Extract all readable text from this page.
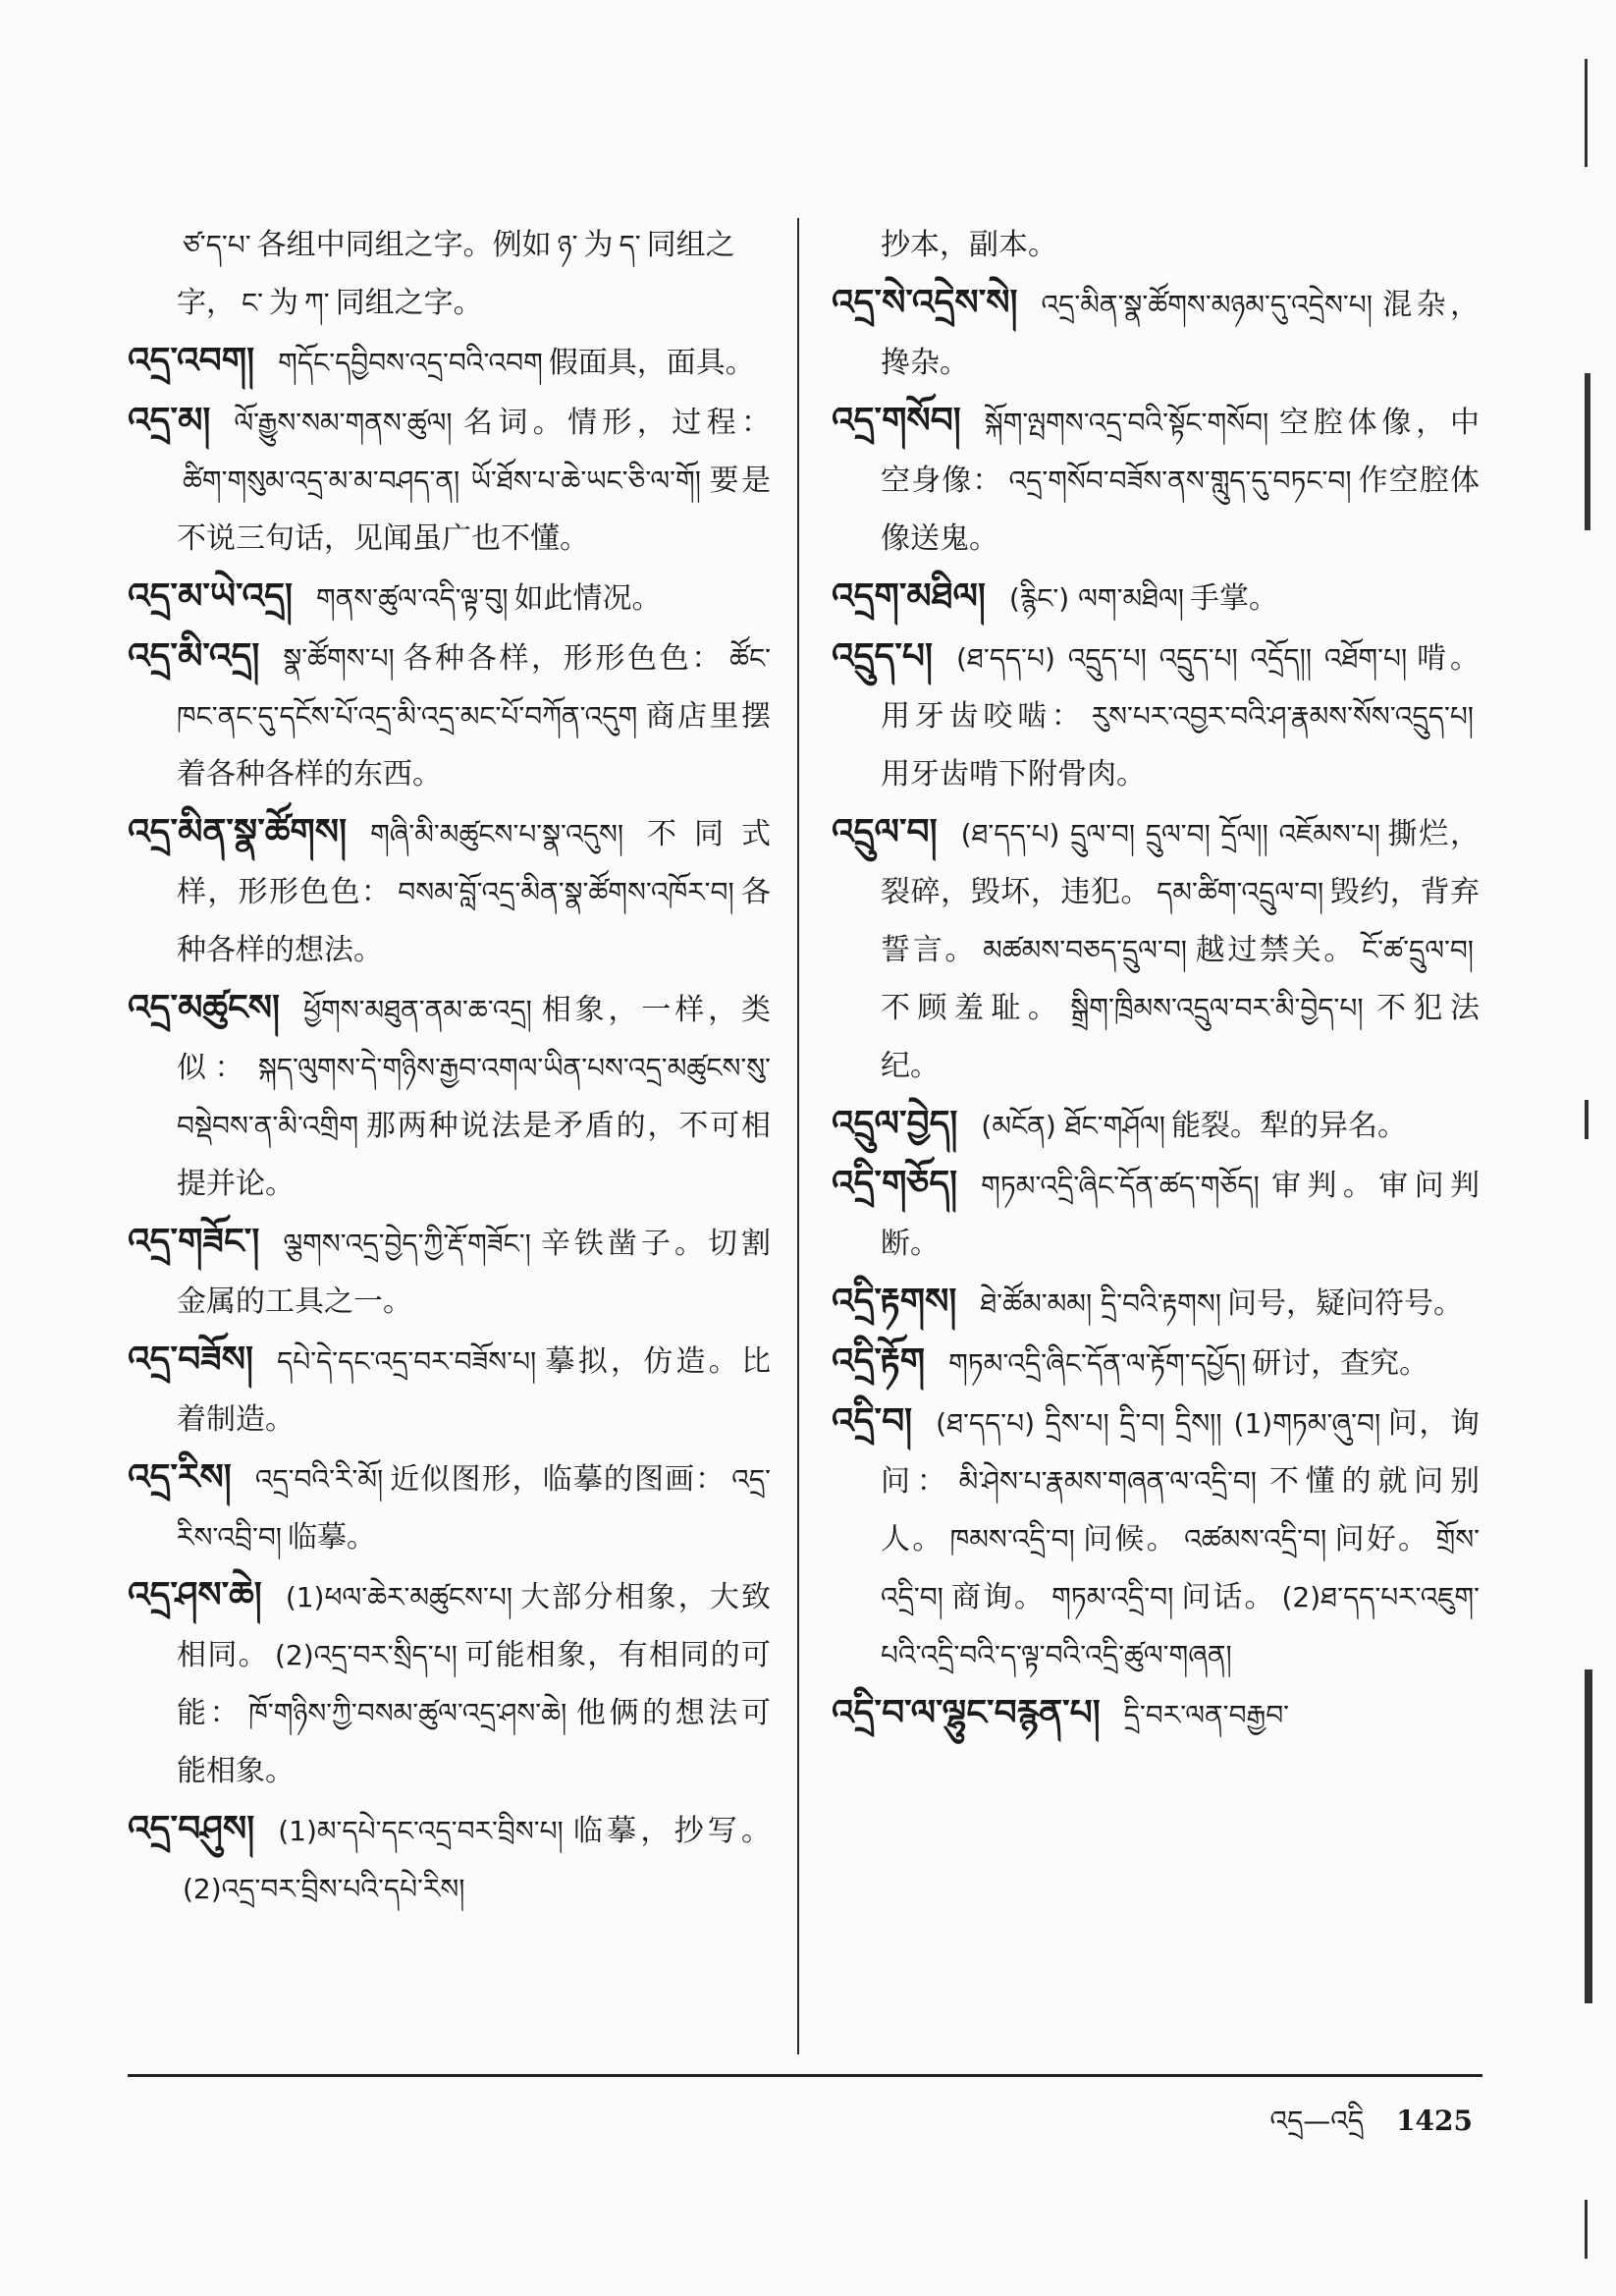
ཙ་ད་པ་ 各组中同组之字。例如 ཉ་ 为 ད་ 同组之字， ང་ 为 ཀ་ 同组之字。

འདྲ་འབག། གདོང་དབྱིབས་འདྲ་བའི་འབག 假面具，面具。

འདྲ་མ། ལོ་རྒྱུས་སམ་གནས་ཚུལ། 名词。情形，过程：ཚིག་གསུམ་འདྲ་མ་མ་བཤད་ན། ཡོ་ཐོས་པ་ཆེ་ཡང་ཅི་ལ་གོ། 要是不说三句话，见闻虽广也不懂。

འདྲ་མ་ཡེ་འདྲ། གནས་ཚུལ་འདི་ལྟ་བུ། 如此情况。

འདྲ་མི་འདྲ། སྣ་ཚོགས་པ། 各种各样，形形色色： ཚོང་ཁང་ནང་དུ་དངོས་པོ་འདྲ་མི་འདྲ་མང་པོ་བཀོན་འདུག 商店里摆着各种各样的东西。

འདྲ་མིན་སྣ་ཚོགས། གཞི་མི་མཚུངས་པ་སྣ་འདུས། 不同式样，形形色色： བསམ་བློ་འདྲ་མིན་སྣ་ཚོགས་འཁོར་བ། 各种各样的想法。

འདྲ་མཚུངས། ཕྱོགས་མཐུན་ནམ་ཆ་འདྲ། 相象，一样，类似： སྐད་ལུགས་དེ་གཉིས་རྒྱབ་འགལ་ཡིན་པས་འདྲ་མཚུངས་སུ་བསྡེབས་ན་མི་འགྲིག 那两种说法是矛盾的，不可相提并论。

འདྲ་གཟོང་། ལྕགས་འདྲ་བྱེད་ཀྱི་རྡོ་གཟོང་། 辛铁凿子。切割金属的工具之一。

འདྲ་བཟོས། དཔེ་དེ་དང་འདྲ་བར་བཟོས་པ། 摹拟，仿造。比着制造。

འདྲ་རིས། འདྲ་བའི་རི་མོ། 近似图形，临摹的图画： འདྲ་རིས་འབྲི་བ། 临摹。

འདྲ་ཤས་ཆེ། (1)ཕལ་ཆེར་མཚུངས་པ། 大部分相象，大致相同。 (2)འདྲ་བར་སྲིད་པ། 可能相象，有相同的可能： ཁོ་གཉིས་ཀྱི་བསམ་ཚུལ་འདྲ་ཤས་ཆེ། 他俩的想法可能相象。

འདྲ་བཤུས། (1)མ་དཔེ་དང་འདྲ་བར་བྲིས་པ། 临摹，抄写。(2)འདྲ་བར་བྲིས་པའི་དཔེ་རིས།

抄本，副本。

འདྲ་སེ་འདྲེས་སེ། འདྲ་མིན་སྣ་ཚོགས་མཉམ་དུ་འདྲེས་པ། 混杂，搀杂。

འདྲ་གསོབ། སྐོག་ལྤགས་འདྲ་བའི་སྟོང་གསོབ། 空腔体像，中空身像： འདྲ་གསོབ་བཟོས་ནས་གླུད་དུ་བཏང་བ། 作空腔体像送鬼。

འདྲག་མཐིལ། (རྙིང་) ལག་མཐིལ། 手掌。

འདྲུད་པ། (ཐ་དད་པ) འདྲུད་པ། འདྲུད་པ། འདྲོད།། འཐོག་པ། 啃。用牙齿咬啮： རུས་པར་འབྱར་བའི་ཤ་རྣམས་སོས་འདྲུད་པ།用牙齿啃下附骨肉。

འདྲུལ་བ། (ཐ་དད་པ) དྲུལ་བ། དྲུལ་བ། དྲོལ།། འཇོམས་པ། 撕烂，裂碎，毁坏，违犯。 དམ་ཚིག་འདྲུལ་བ། 毁约，背弃誓言。 མཚམས་བཅད་དྲུལ་བ། 越过禁关。 ངོ་ཚ་དྲུལ་བ།不顾羞耻。 སྒྲིག་ཁྲིམས་འདྲུལ་བར་མི་བྱེད་པ། 不犯法纪。

འདྲུལ་བྱེད། (མངོན) ཐོང་གཤོལ། 能裂。犁的异名。

འདྲི་གཅོད། གཏམ་འདྲི་ཞིང་དོན་ཚད་གཅོད། 审判。审问判断。

འདྲི་རྟགས། ཐེ་ཚོམ་མམ། དྲི་བའི་རྟགས། 问号，疑问符号。

འདྲི་རྟོག གཏམ་འདྲི་ཞིང་དོན་ལ་རྟོག་དཔྱོད། 研讨，查究。

འདྲི་བ། (ཐ་དད་པ) དྲིས་པ། དྲི་བ། དྲིས།། (1)གཏམ་ཞུ་བ། 问，询问： མི་ཤེས་པ་རྣམས་གཞན་ལ་འདྲི་བ། 不懂的就问别人。 ཁམས་འདྲི་བ། 问候。 འཚམས་འདྲི་བ། 问好。 གྲོས་འདྲི་བ། 商询。 གཏམ་འདྲི་བ། 问话。 (2)ཐ་དད་པར་འཇུག་པའི་འདྲི་བའི་ད་ལྟ་བའི་འདྲི་ཚུལ་གཞན།

འདྲི་བ་ལ་ལྷུང་བརྙན་པ། དྲི་བར་ལན་བརྒྱབ་

འདྲ—འདྲི 1425
